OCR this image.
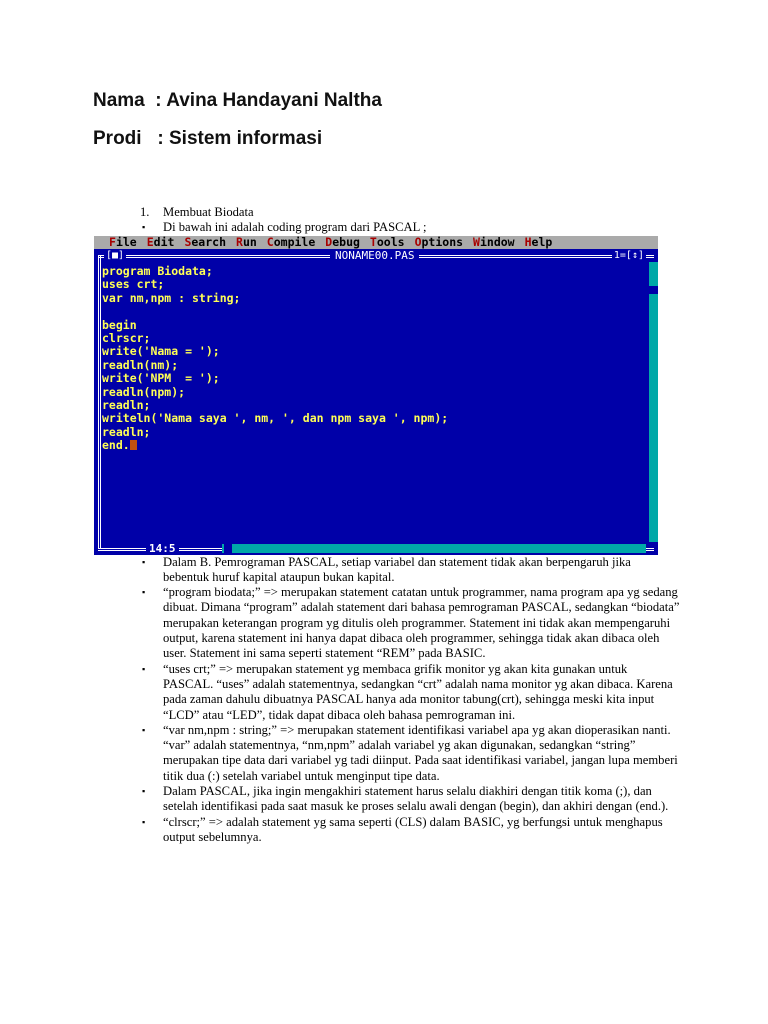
Nama  : Avina Handayani Naltha
Prodi   : Sistem informasi
1. Membuat Biodata
▪ Di bawah ini adalah coding program dari PASCAL ;
▪ Dalam B. Pemrograman PASCAL, setiap variabel dan statement tidak akan berpengaruh jika bebentuk huruf kapital ataupun bukan kapital.
▪ “program biodata;” => merupakan statement catatan untuk programmer, nama program apa yg sedang dibuat. Dimana “program” adalah statement dari bahasa pemrograman PASCAL, sedangkan “biodata” merupakan keterangan program yg ditulis oleh programmer. Statement ini tidak akan mempengaruhi output, karena statement ini hanya dapat dibaca oleh programmer, sehingga tidak akan dibaca oleh user. Statement ini sama seperti statement “REM” pada BASIC.
▪ “uses crt;” => merupakan statement yg membaca grifik monitor yg akan kita gunakan untuk PASCAL. “uses” adalah statementnya, sedangkan “crt” adalah nama monitor yg akan dibaca. Karena pada zaman dahulu dibuatnya PASCAL hanya ada monitor tabung(crt), sehingga meski kita input “LCD” atau “LED”, tidak dapat dibaca oleh bahasa pemrograman ini.
▪ “var nm,npm : string;” => merupakan statement identifikasi variabel apa yg akan dioperasikan nanti. “var” adalah statementnya, “nm,npm” adalah variabel yg akan digunakan, sedangkan “string” merupakan tipe data dari variabel yg tadi diinput. Pada saat identifikasi variabel, jangan lupa memberi titik dua (:) setelah variabel untuk menginput tipe data.
▪ Dalam PASCAL, jika ingin mengakhiri statement harus selalu diakhiri dengan titik koma (;), dan setelah identifikasi pada saat masuk ke proses selalu awali dengan (begin), dan akhiri dengan (end.).
▪ “clrscr;” => adalah statement yg sama seperti (CLS) dalam BASIC, yg berfungsi untuk menghapus output sebelumnya.
File Edit Search Run Compile Debug Tools Options Window Help
[■]	NONAME00.PAS	1=[↕]
program Biodata;
uses crt;
var nm,npm : string;
begin
clrscr;
write('Nama = ');
readln(nm);
write('NPM  = ');
readln(npm);
readln;
writeln('Nama saya ', nm, ', dan npm saya ', npm);
readln;
end.
14:5
